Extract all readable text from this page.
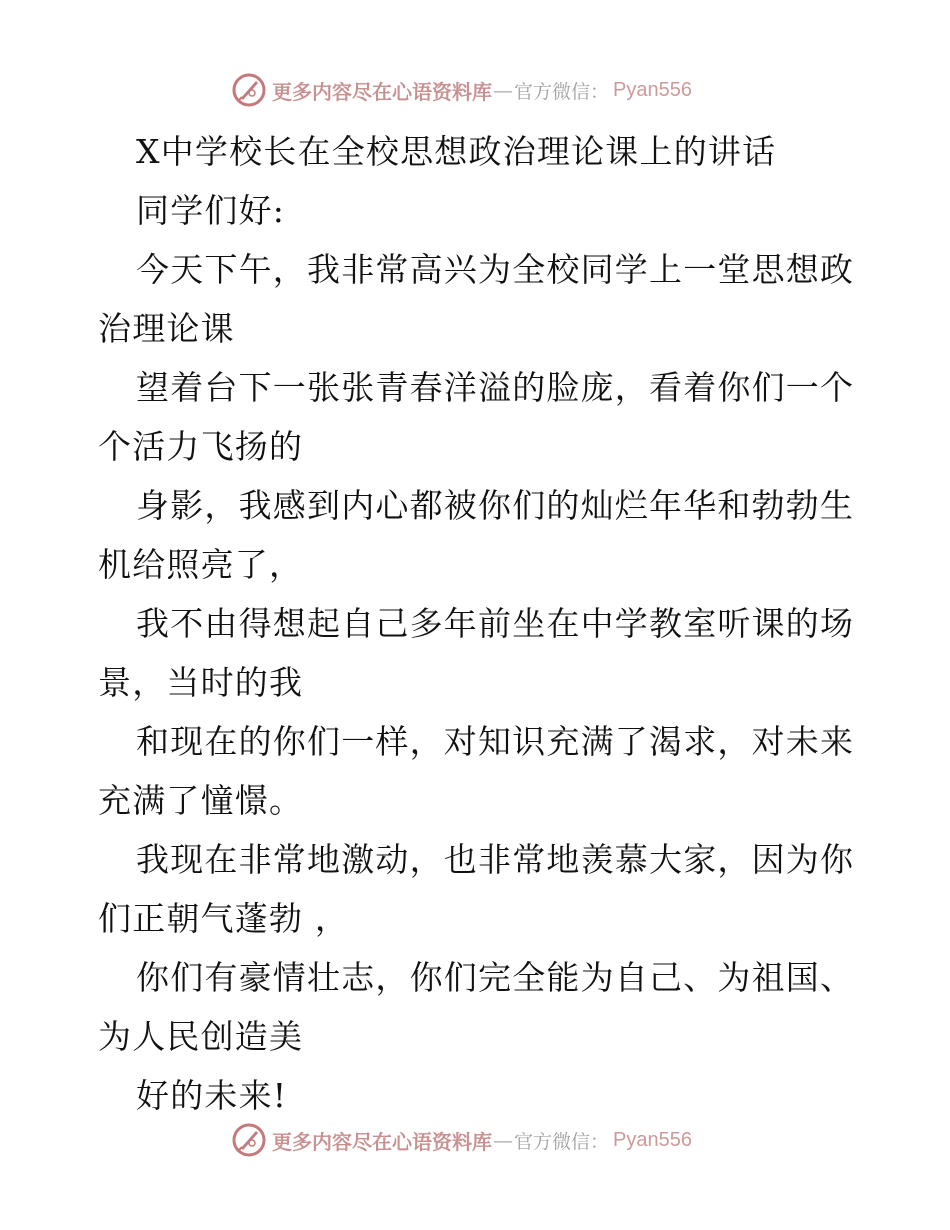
更多内容尽在心语资料库 — 官方微信： Pyan556
X中学校长在全校思想政治理论课上的讲话
同学们好:
今天下午，我非常高兴为全校同学上一堂思想政
治理论课
望着台下一张张青春洋溢的脸庞，看着你们一个
个活力飞扬的
身影，我感到内心都被你们的灿烂年华和勃勃生
机给照亮了，
我不由得想起自己多年前坐在中学教室听课的场
景，当时的我
和现在的你们一样，对知识充满了渴求，对未来
充满了憧憬。
我现在非常地激动，也非常地羡慕大家，因为你
们正朝气蓬勃 ，
你们有豪情壮志，你们完全能为自己、为祖国、
为人民创造美
好的未来!
更多内容尽在心语资料库 — 官方微信： Pyan556
